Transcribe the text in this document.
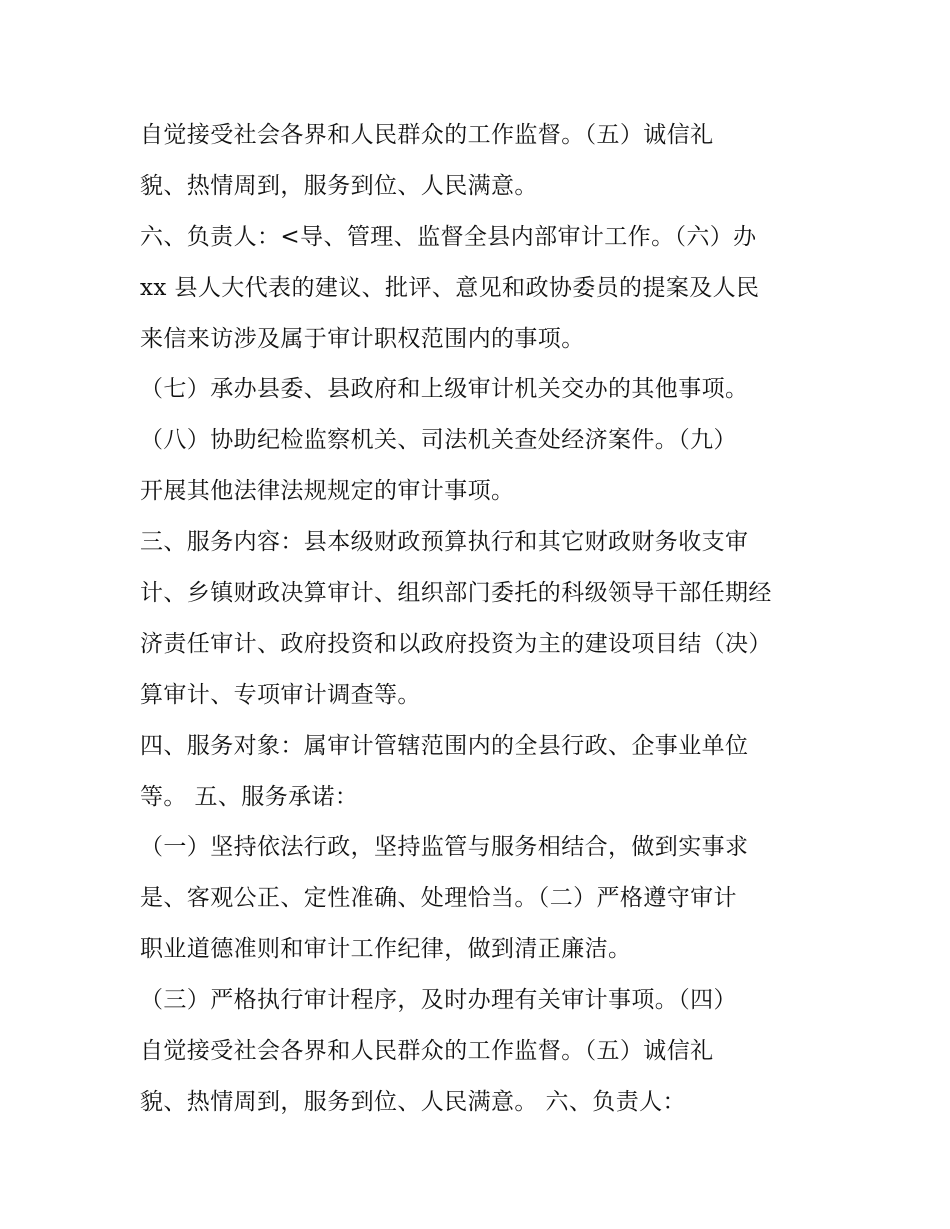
自觉接受社会各界和人民群众的工作监督。（五）诚信礼
貌、热情周到，服务到位、人民满意。
六、负责人：<导、管理、监督全县内部审计工作。（六）办
xx 县人大代表的建议、批评、意见和政协委员的提案及人民
来信来访涉及属于审计职权范围内的事项。
（七）承办县委、县政府和上级审计机关交办的其他事项。
（八）协助纪检监察机关、司法机关查处经济案件。（九）
开展其他法律法规规定的审计事项。
三、服务内容：县本级财政预算执行和其它财政财务收支审
计、乡镇财政决算审计、组织部门委托的科级领导干部任期经
济责任审计、政府投资和以政府投资为主的建设项目结（决）
算审计、专项审计调查等。
四、服务对象：属审计管辖范围内的全县行政、企事业单位
等。 五、服务承诺：
（一）坚持依法行政，坚持监管与服务相结合，做到实事求
是、客观公正、定性准确、处理恰当。（二）严格遵守审计
职业道德准则和审计工作纪律，做到清正廉洁。
（三）严格执行审计程序，及时办理有关审计事项。（四）
自觉接受社会各界和人民群众的工作监督。（五）诚信礼
貌、热情周到，服务到位、人民满意。 六、负责人：
